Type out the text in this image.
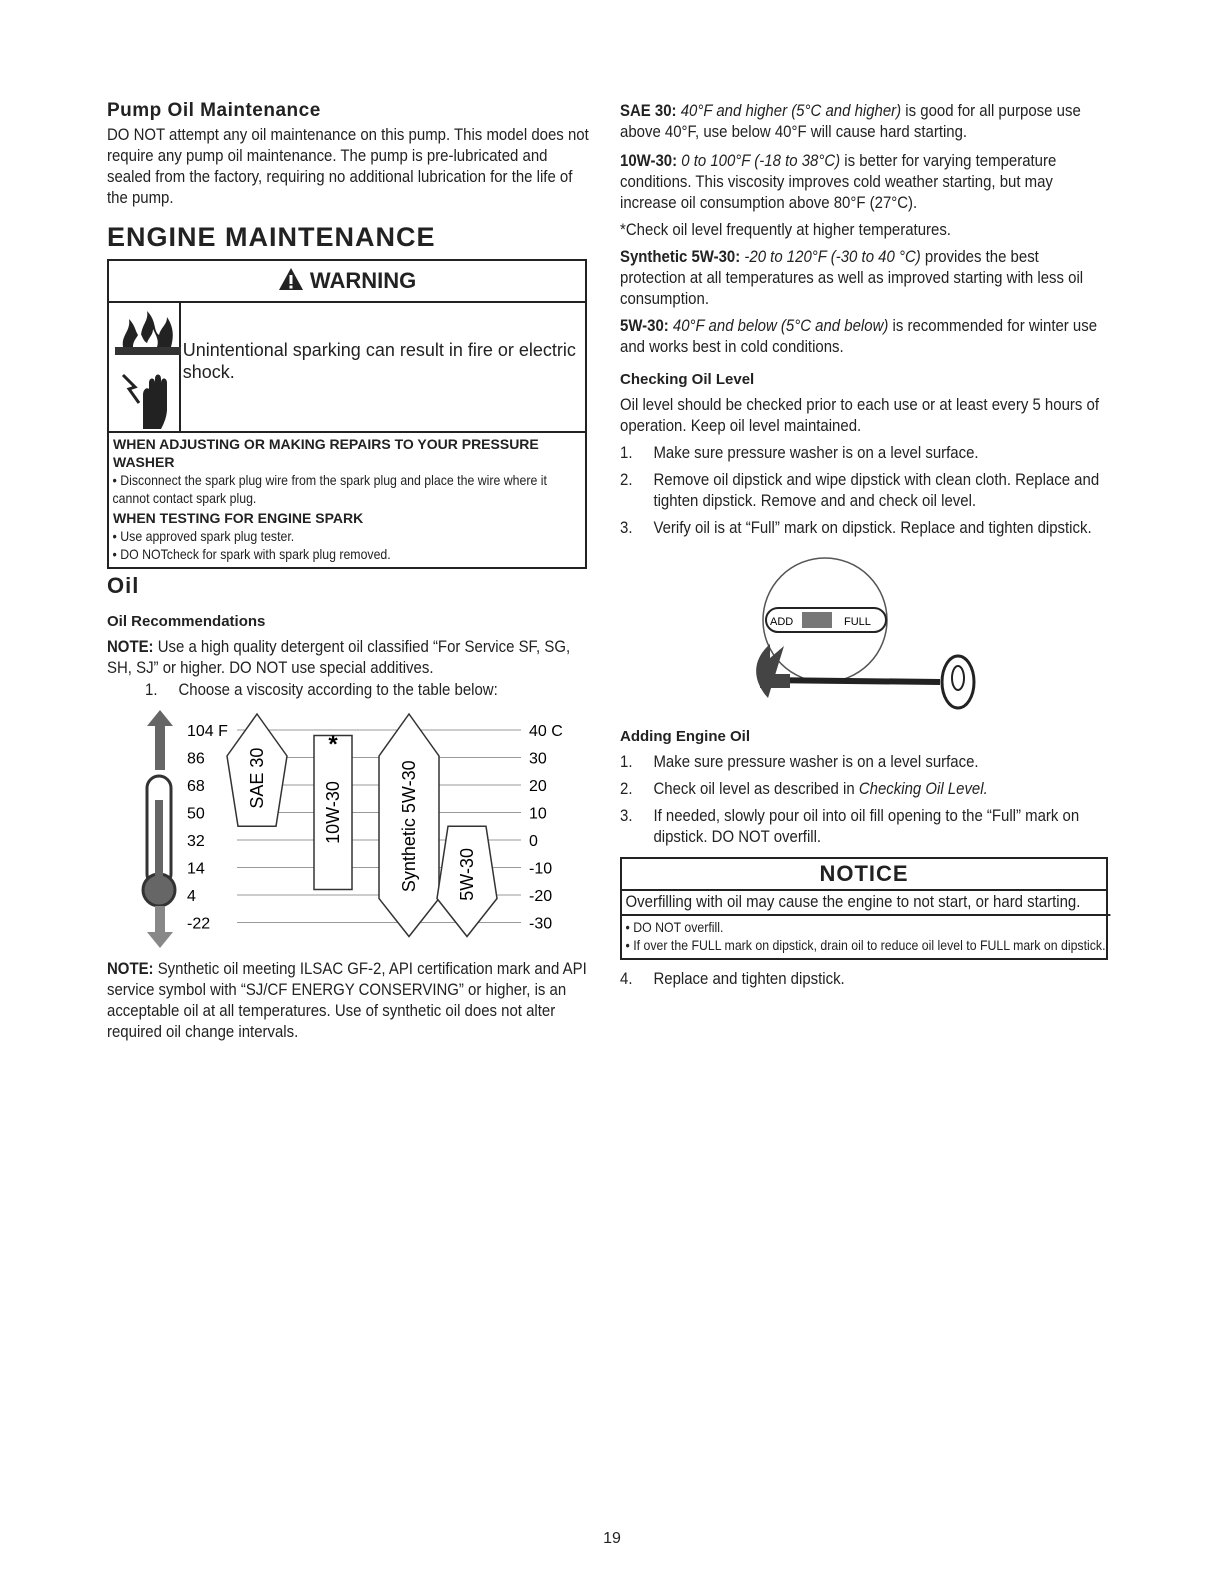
Pump Oil Maintenance

DO NOT attempt any oil maintenance on this pump. This model does not require any pump oil maintenance. The pump is pre-lubricated and sealed from the factory, requiring no additional lubrication for the life of the pump.

ENGINE MAINTENANCE
WARNING
Unintentional sparking can result in fire or electric shock.
WHEN ADJUSTING OR MAKING REPAIRS TO YOUR PRESSURE WASHER
• Disconnect the spark plug wire from the spark plug and place the wire where it cannot contact spark plug.
WHEN TESTING FOR ENGINE SPARK
• Use approved spark plug tester.
• DO NOTcheck for spark with spark plug removed.
Oil
Oil Recommendations

NOTE: Use a high quality detergent oil classified “For Service SF, SG, SH, SJ” or higher. DO NOT use special additives.

1.	Choose a viscosity according to the table below:
104 F	40 C
86	30
68	20
50	10
32	0
14	-10
4	-20
-22	-30
SAE 30
10W-30	Synthetic 5W-30 5W-30
*

NOTE: Synthetic oil meeting ILSAC GF-2, API certification mark and API service symbol with “SJ/CF ENERGY CONSERVING” or higher, is an acceptable oil at all temperatures. Use of synthetic oil does not alter required oil change intervals.

SAE 30: 40°F and higher (5°C and higher) is good for all purpose use above 40°F, use below 40°F will cause hard starting.

10W-30: 0 to 100°F (-18 to 38°C) is better for varying temperature conditions. This viscosity improves cold weather starting, but may increase oil consumption above 80°F (27°C).

*Check oil level frequently at higher temperatures.

Synthetic 5W-30: -20 to 120°F (-30 to 40 °C) provides the best protection at all temperatures as well as improved starting with less oil consumption.

5W-30: 40°F and below (5°C and below) is recommended for winter use and works best in cold conditions.

Checking Oil Level

Oil level should be checked prior to each use or at least every 5 hours of operation. Keep oil level maintained.

1.	Make sure pressure washer is on a level surface.
2.	Remove oil dipstick and wipe dipstick with clean cloth. Replace and tighten dipstick. Remove and and check oil level.
3.	Verify oil is at “Full” mark on dipstick. Replace and tighten dipstick.
ADD	FULL
Adding Engine Oil
1.	Make sure pressure washer is on a level surface.
2.	Check oil level as described in Checking Oil Level.
3.	If needed, slowly pour oil into oil fill opening to the “Full” mark on dipstick. DO NOT overfill.
NOTICE
Overfilling with oil may cause the engine to not start, or hard starting.
• DO NOT overfill.
• If over the FULL mark on dipstick, drain oil to reduce oil level to FULL mark on dipstick.
4.	Replace and tighten dipstick.
19
